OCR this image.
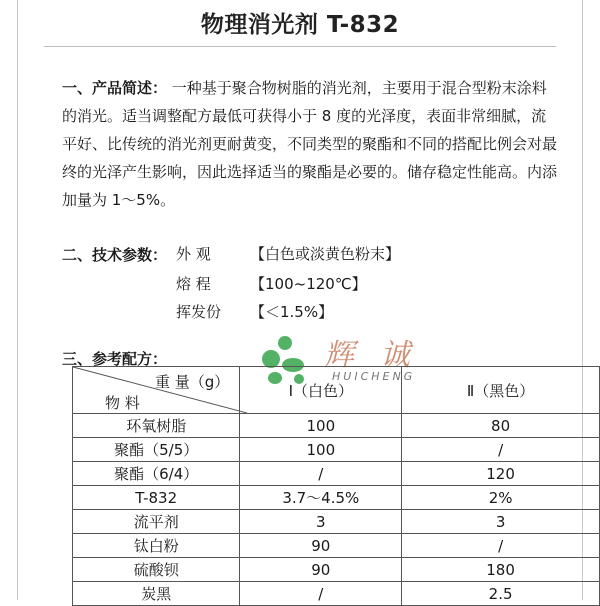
物理消光剂 T-832
一、产品简述： 一种基于聚合物树脂的消光剂，主要用于混合型粉末涂料的消光。适当调整配方最低可获得小于 8 度的光泽度，表面非常细腻，流平好、比传统的消光剂更耐黄变，不同类型的聚酯和不同的搭配比例会对最终的光泽产生影响，因此选择适当的聚酯是必要的。储存稳定性能高。内添加量为 1～5%。
二、技术参数： 外 观	【白色或淡黄色粉末】
熔 程	【100~120℃】
挥发份 【＜1.5%】
三、参考配方：	辉诚
HUICHENG
重 量（g）
物 料	Ⅰ（白色）	Ⅱ（黑色）
环氧树脂	100	80
聚酯（5/5）	100	/
聚酯（6/4）	/	120
T-832	3.7～4.5%	2%
流平剂	3	3
钛白粉	90	/
硫酸钡	90	180
炭黑	/	2.5
